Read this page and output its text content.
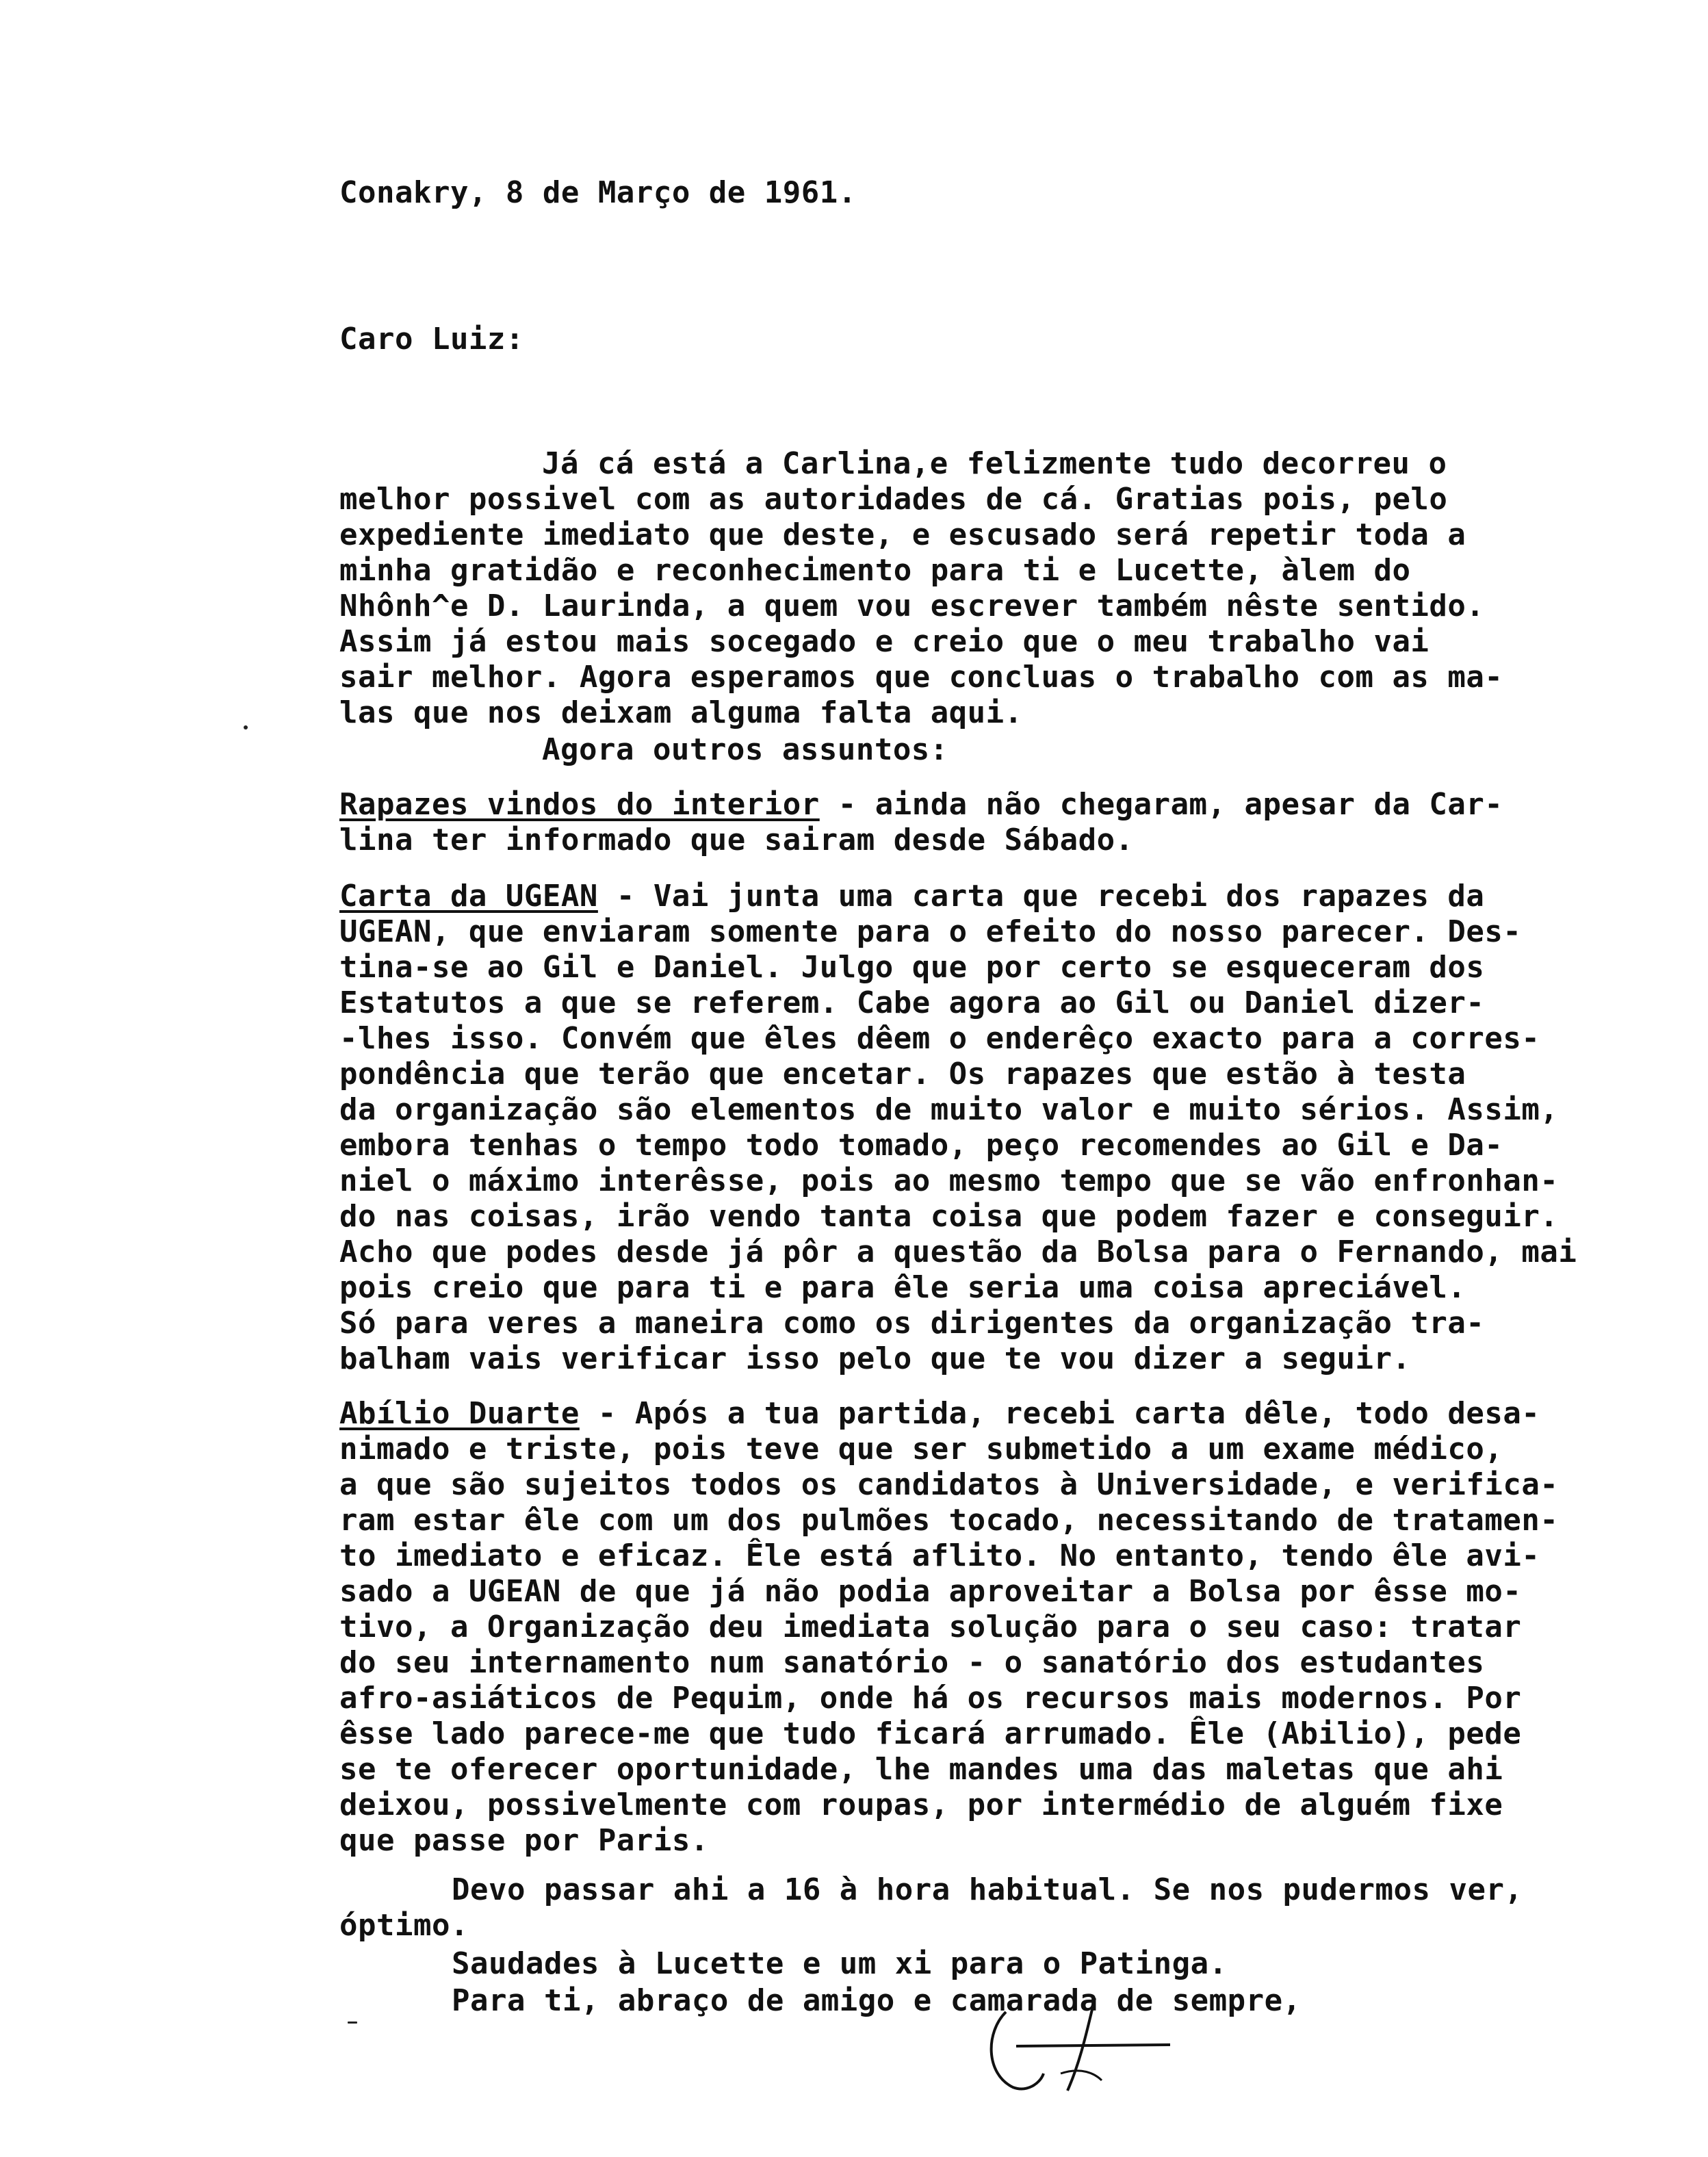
Conakry, 8 de Março de 1961.
Caro Luiz:
Já cá está a Carlina,e felizmente tudo decorreu o
melhor possivel com as autoridades de cá. Gratias pois, pelo
expediente imediato que deste, e escusado será repetir toda a
minha gratidão e reconhecimento para ti e Lucette, àlem do
Nhônh^e D. Laurinda, a quem vou escrever também nêste sentido.
Assim já estou mais socegado e creio que o meu trabalho vai
sair melhor. Agora esperamos que concluas o trabalho com as ma-
las que nos deixam alguma falta aqui.
Agora outros assuntos:
Rapazes vindos do interior - ainda não chegaram, apesar da Car-
lina ter informado que sairam desde Sábado.
Carta da UGEAN - Vai junta uma carta que recebi dos rapazes da
UGEAN, que enviaram somente para o efeito do nosso parecer. Des-
tina-se ao Gil e Daniel. Julgo que por certo se esqueceram dos
Estatutos a que se referem. Cabe agora ao Gil ou Daniel dizer-
-lhes isso. Convém que êles dêem o enderêço exacto para a corres-
pondência que terão que encetar. Os rapazes que estão à testa
da organização são elementos de muito valor e muito sérios. Assim,
embora tenhas o tempo todo tomado, peço recomendes ao Gil e Da-
niel o máximo interêsse, pois ao mesmo tempo que se vão enfronhan-
do nas coisas, irão vendo tanta coisa que podem fazer e conseguir.
Acho que podes desde já pôr a questão da Bolsa para o Fernando, mai
pois creio que para ti e para êle seria uma coisa apreciável.
Só para veres a maneira como os dirigentes da organização tra-
balham vais verificar isso pelo que te vou dizer a seguir.
Abílio Duarte - Após a tua partida, recebi carta dêle, todo desa-
nimado e triste, pois teve que ser submetido a um exame médico,
a que são sujeitos todos os candidatos à Universidade, e verifica-
ram estar êle com um dos pulmões tocado, necessitando de tratamen-
to imediato e eficaz. Êle está aflito. No entanto, tendo êle avi-
sado a UGEAN de que já não podia aproveitar a Bolsa por êsse mo-
tivo, a Organização deu imediata solução para o seu caso: tratar
do seu internamento num sanatório - o sanatório dos estudantes
afro-asiáticos de Pequim, onde há os recursos mais modernos. Por
êsse lado parece-me que tudo ficará arrumado. Êle (Abilio), pede
se te oferecer oportunidade, lhe mandes uma das maletas que ahi
deixou, possivelmente com roupas, por intermédio de alguém fixe
que passe por Paris.
Devo passar ahi a 16 à hora habitual. Se nos pudermos ver,
óptimo.
Saudades à Lucette e um xi para o Patinga.
Para ti, abraço de amigo e camarada de sempre,
